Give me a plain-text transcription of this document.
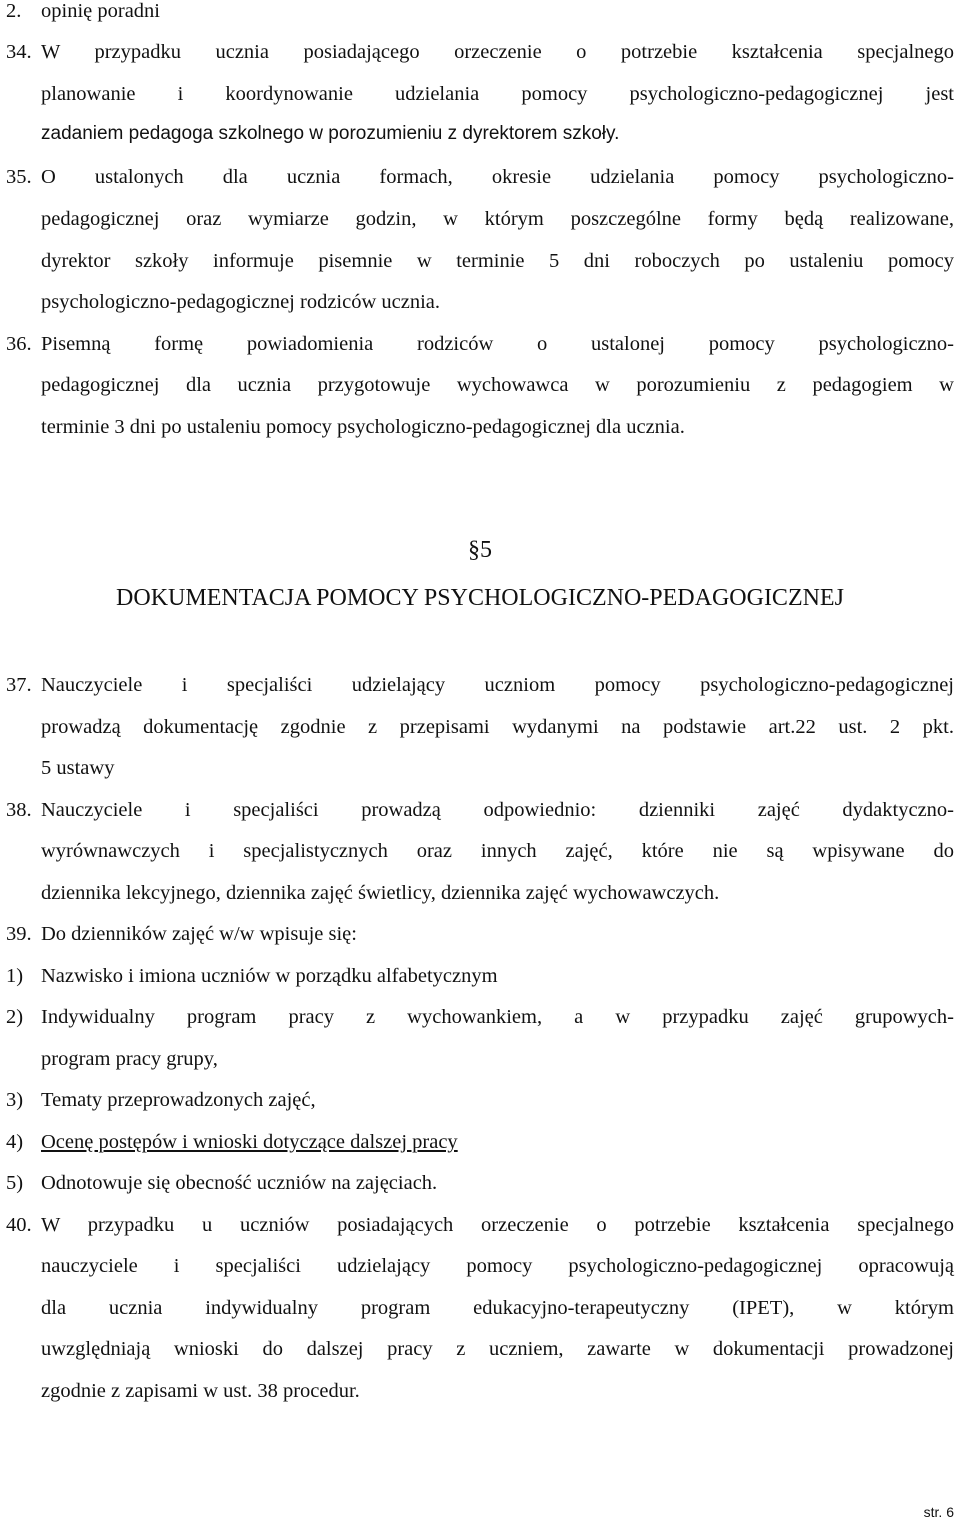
2. opinię poradni
34. W przypadku ucznia posiadającego orzeczenie o potrzebie kształcenia specjalnego
planowanie i koordynowanie udzielania pomocy psychologiczno-pedagogicznej jest
zadaniem pedagoga szkolnego w porozumieniu z dyrektorem szkoły.
35. O ustalonych dla ucznia formach, okresie udzielania pomocy psychologiczno-
pedagogicznej oraz wymiarze godzin, w którym poszczególne formy będą realizowane,
dyrektor szkoły informuje pisemnie w terminie 5 dni roboczych po ustaleniu pomocy
psychologiczno-pedagogicznej rodziców ucznia.
36. Pisemną formę powiadomienia rodziców o ustalonej pomocy psychologiczno-
pedagogicznej dla ucznia przygotowuje wychowawca w porozumieniu z pedagogiem w
terminie 3 dni po ustaleniu pomocy psychologiczno-pedagogicznej dla ucznia.
§5
DOKUMENTACJA POMOCY PSYCHOLOGICZNO-PEDAGOGICZNEJ
37. Nauczyciele i specjaliści udzielający uczniom pomocy psychologiczno-pedagogicznej
prowadzą dokumentację zgodnie z przepisami wydanymi na podstawie art.22 ust. 2 pkt.
5 ustawy
38. Nauczyciele i specjaliści prowadzą odpowiednio: dzienniki zajęć dydaktyczno-
wyrównawczych i specjalistycznych oraz innych zajęć, które nie są wpisywane do
dziennika lekcyjnego, dziennika zajęć świetlicy, dziennika zajęć wychowawczych.
39. Do dzienników zajęć w/w wpisuje się:
1) Nazwisko i imiona uczniów w porządku alfabetycznym
2) Indywidualny program pracy z wychowankiem, a w przypadku zajęć grupowych-
program pracy grupy,
3) Tematy przeprowadzonych zajęć,
4) Ocenę postępów i wnioski dotyczące dalszej pracy
5) Odnotowuje się obecność uczniów na zajęciach.
40. W przypadku u uczniów posiadających orzeczenie o potrzebie kształcenia specjalnego
nauczyciele i specjaliści udzielający pomocy psychologiczno-pedagogicznej opracowują
dla ucznia indywidualny program edukacyjno-terapeutyczny (IPET), w którym
uwzględniają wnioski do dalszej pracy z uczniem, zawarte w dokumentacji prowadzonej
zgodnie z zapisami w ust. 38 procedur.
str. 6
